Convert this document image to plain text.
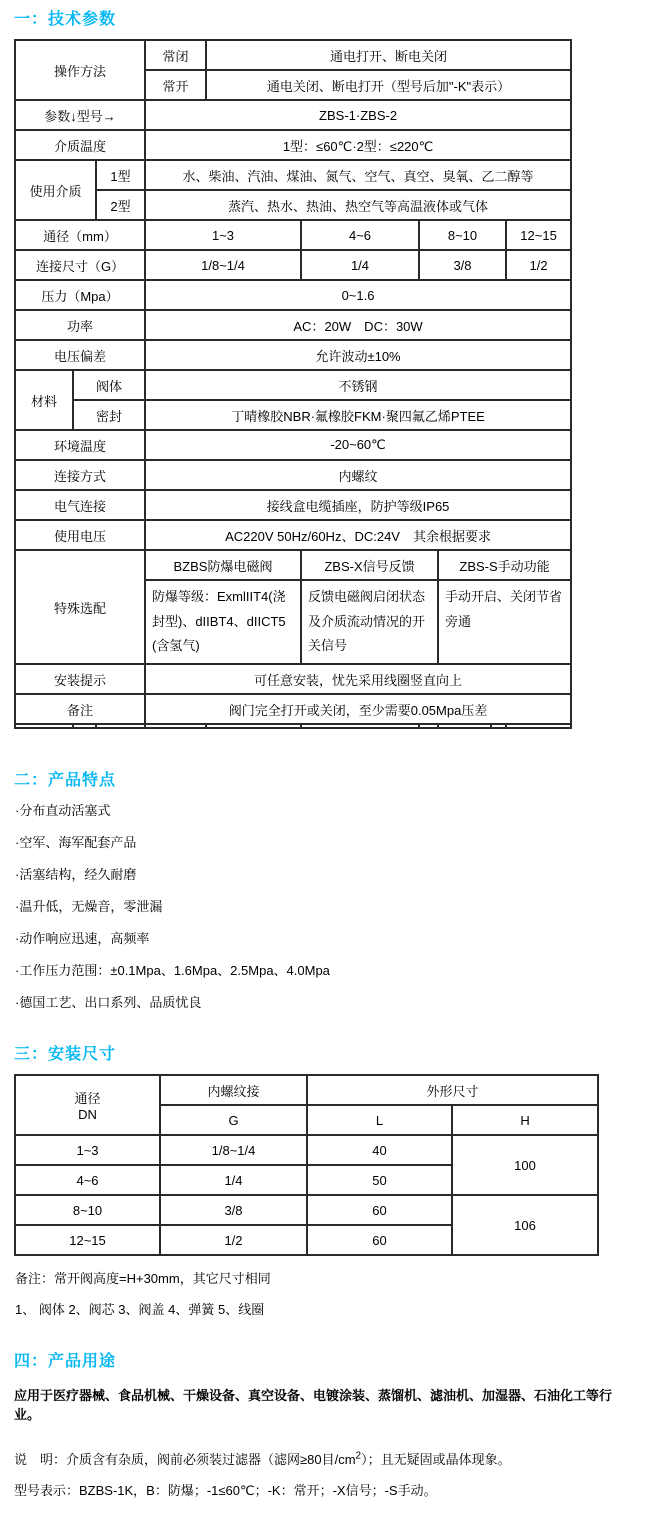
一：技术参数
操作方法			常闭	通电打开、断电关闭					
			常开	通电关闭、断电打开（型号后加"-K"表示）					
参数↓型号→			ZBS-1·ZBS-2						
介质温度			1型：≤60℃·2型：≤220℃						
使用介质		1型	水、柴油、汽油、煤油、氮气、空气、真空、臭氧、乙二醇等						
		2型	蒸汽、热水、热油、热空气等高温液体或气体						
通径（mm）			1~3		4~6	8~10			12~15
连接尺寸（G）			1/8~1/4		1/4	3/8			1/2
压力（Mpa）			0~1.6						
功率			AC：20W　DC：30W						
电压偏差			允许波动±10%						
材料	阀体		不锈钢						
	密封		丁晴橡胶NBR·氟橡胶FKM·聚四氟乙烯PTEE						
环境温度			-20~60℃						
连接方式			内螺纹						
电气连接			接线盒电缆插座，防护等级IP65						
使用电压			AC220V 50Hz/60Hz、DC:24V　其余根据要求						
特殊选配			BZBS防爆电磁阀		ZBS-X信号反馈		ZBS-S手动功能		
			防爆等级：ExmlIIT4(浇封型)、dIIBT4、dIICT5(含氢气)		反馈电磁阀启闭状态及介质流动情况的开关信号		手动开启、关闭节省旁通		
安装提示			可任意安装，忧先采用线圈竖直向上						
备注			阀门完全打开或关闭，至少需要0.05Mpa压差						

二：产品特点
·分布直动活塞式
·空军、海军配套产品
·活塞结构，经久耐磨
·温升低，无燥音，零泄漏
·动作响应迅速，高频率
·工作压力范围：±0.1Mpa、1.6Mpa、2.5Mpa、4.0Mpa
·德国工艺、出口系列、品质忧良
三：安装尺寸
通径
DN	内螺纹接	外形尺寸	
	G	L	H
1~3	1/8~1/4	40	100
4~6	1/4	50	
8~10	3/8	60	106
12~15	1/2	60	

备注：常开阀高度=H+30mm，其它尺寸相同

1、 阀体 2、阀芯 3、阀盖 4、弹簧 5、线圈

四：产品用途

应用于医疗器械、食品机械、干燥设备、真空设备、电镀涂装、蒸馏机、滤油机、加湿器、石油化工等行业。

说　明：介质含有杂质，阀前必须装过滤器（滤网≥80目$/cm^2$）；且无疑固或晶体现象。

型号表示：BZBS-1K，B：防爆；-1≤60℃；-K：常开；-X信号；-S手动。
